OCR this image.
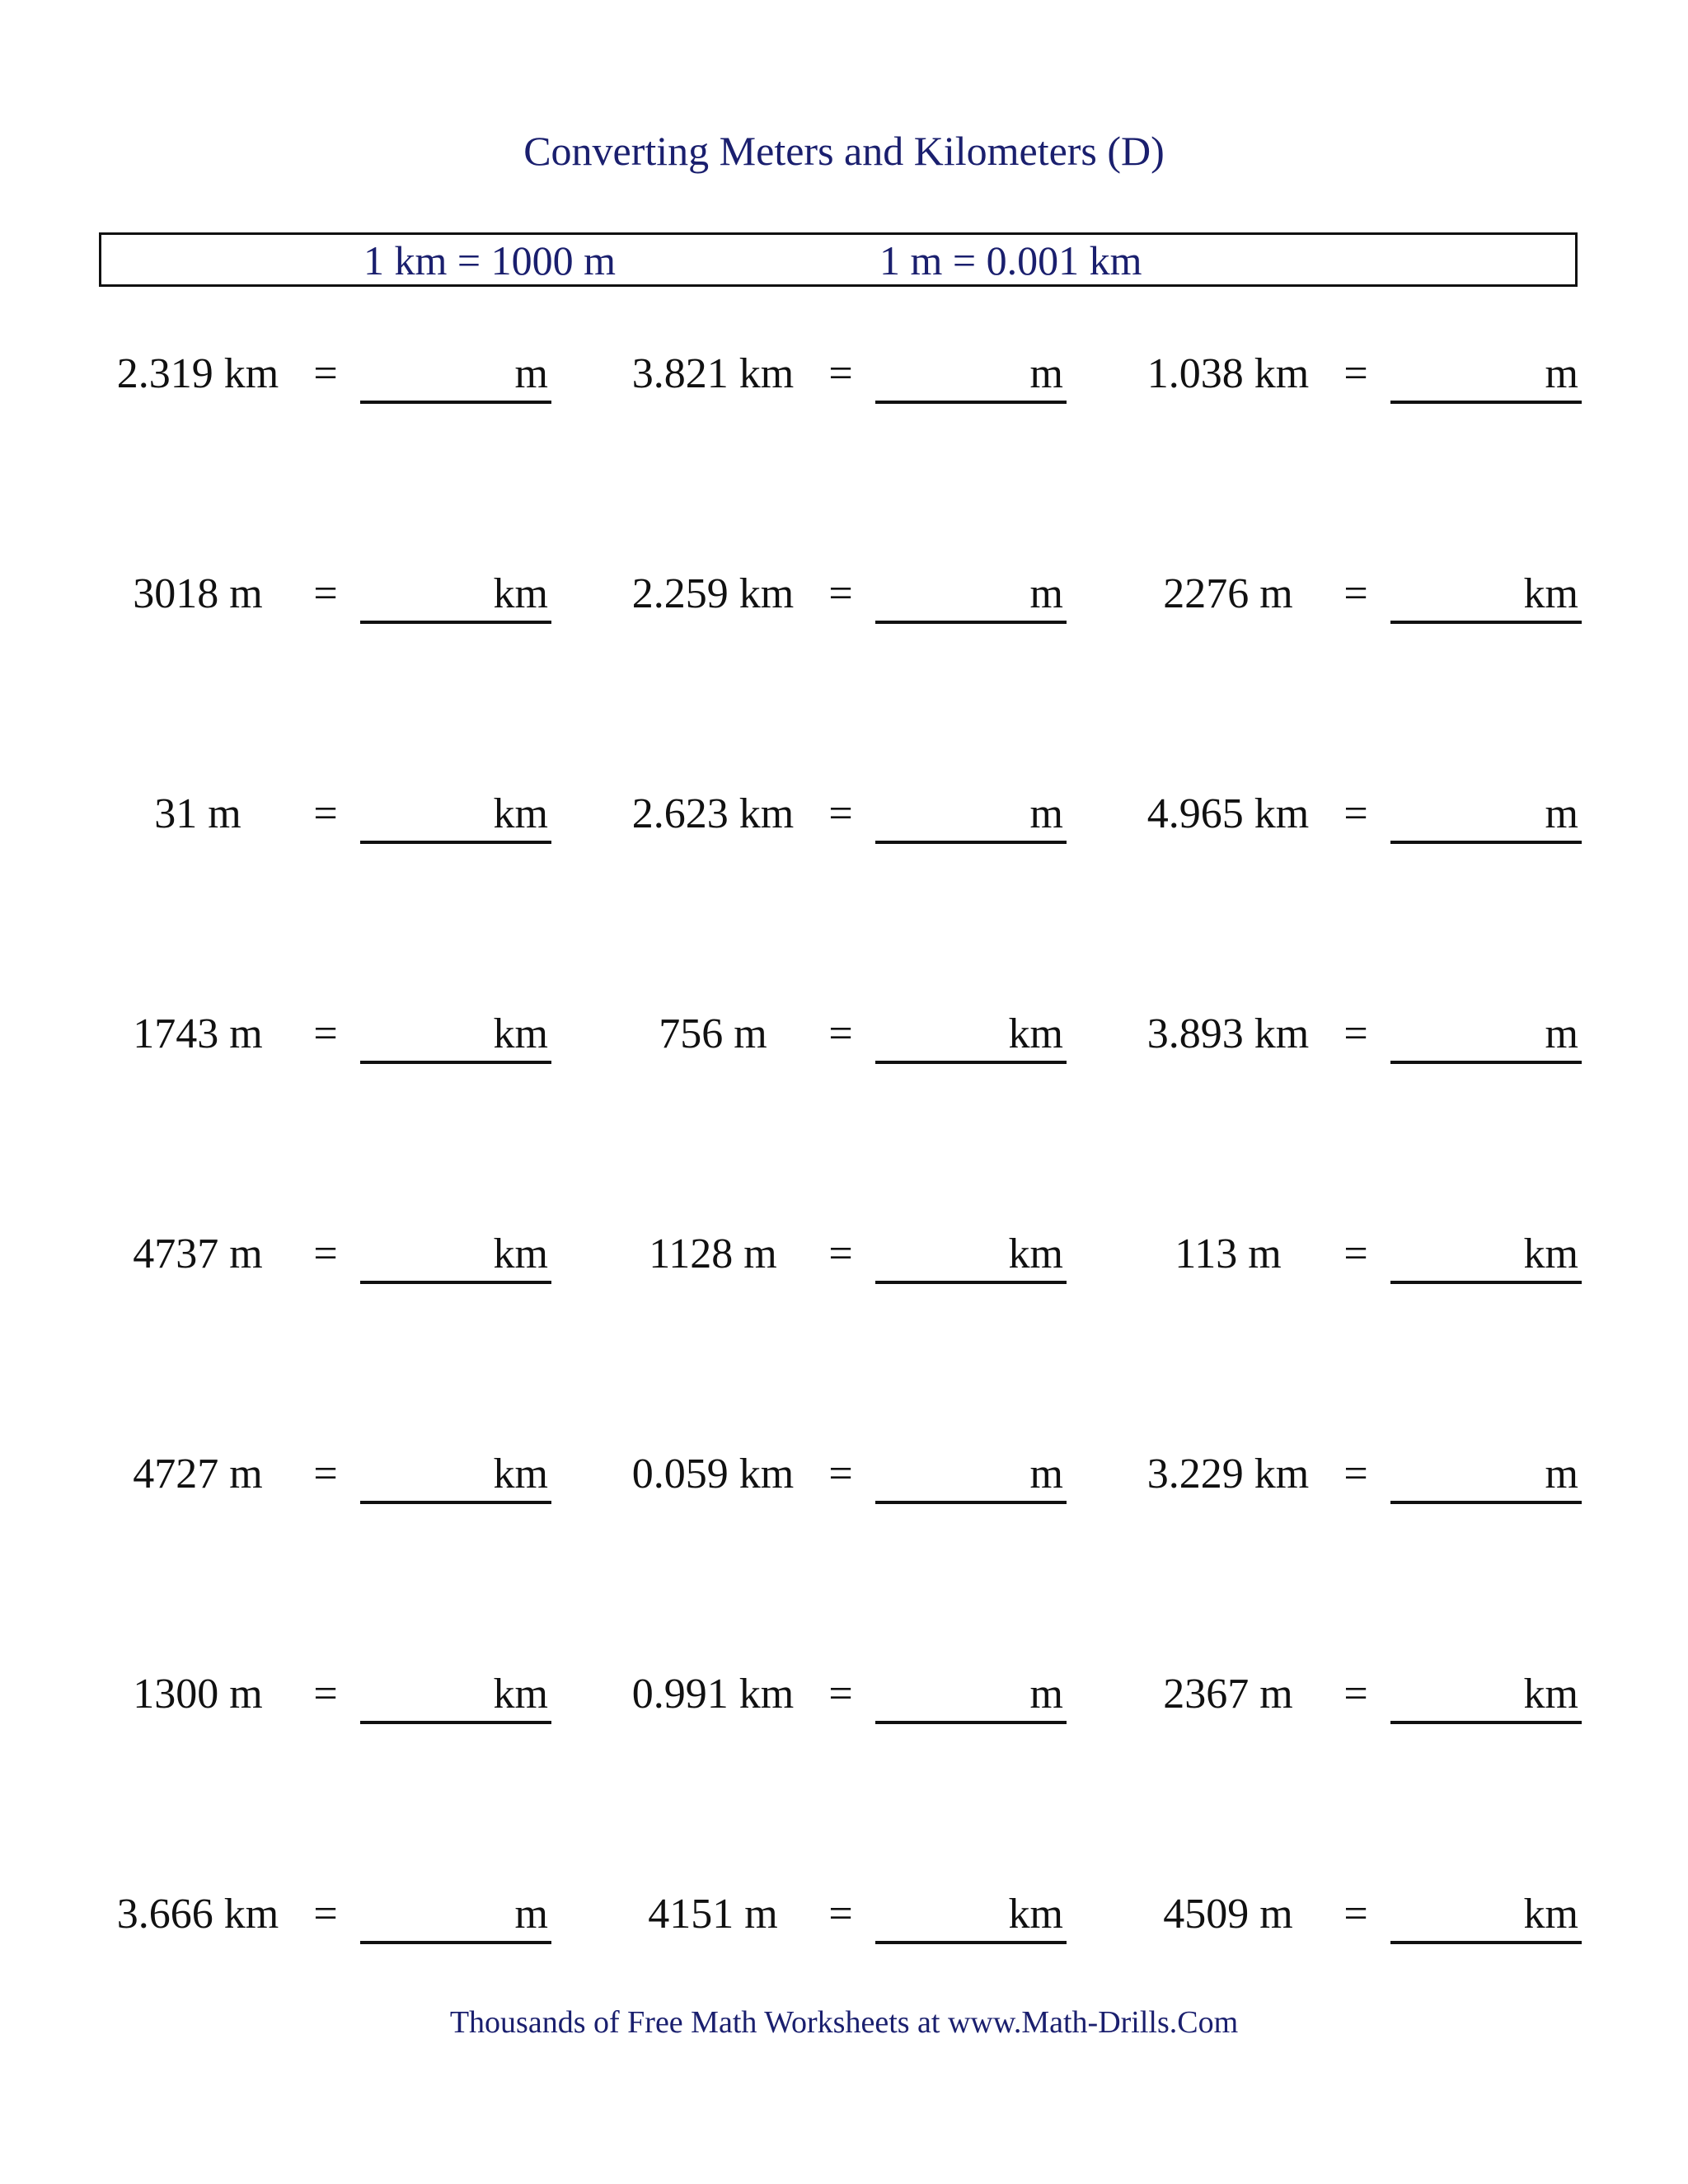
Converting Meters and Kilometers (D)
1 km = 1000 m	1 m = 0.001 km
2.319 km =	m	3.821 km =	m	1.038 km =	m
3018 m	=	km	2.259 km =	m	2276 m	=	km
31 m	=	km	2.623 km =	m	4.965 km =	m
1743 m	=	km	756 m	=	km	3.893 km =	m
4737 m	=	km	1128 m	=	km	113 m	=	km
4727 m	=	km	0.059 km =	m	3.229 km =	m
1300 m	=	km	0.991 km =	m	2367 m	=	km
3.666 km =	m	4151 m	=	km	4509 m	=	km
Thousands of Free Math Worksheets at www.Math-Drills.Com
